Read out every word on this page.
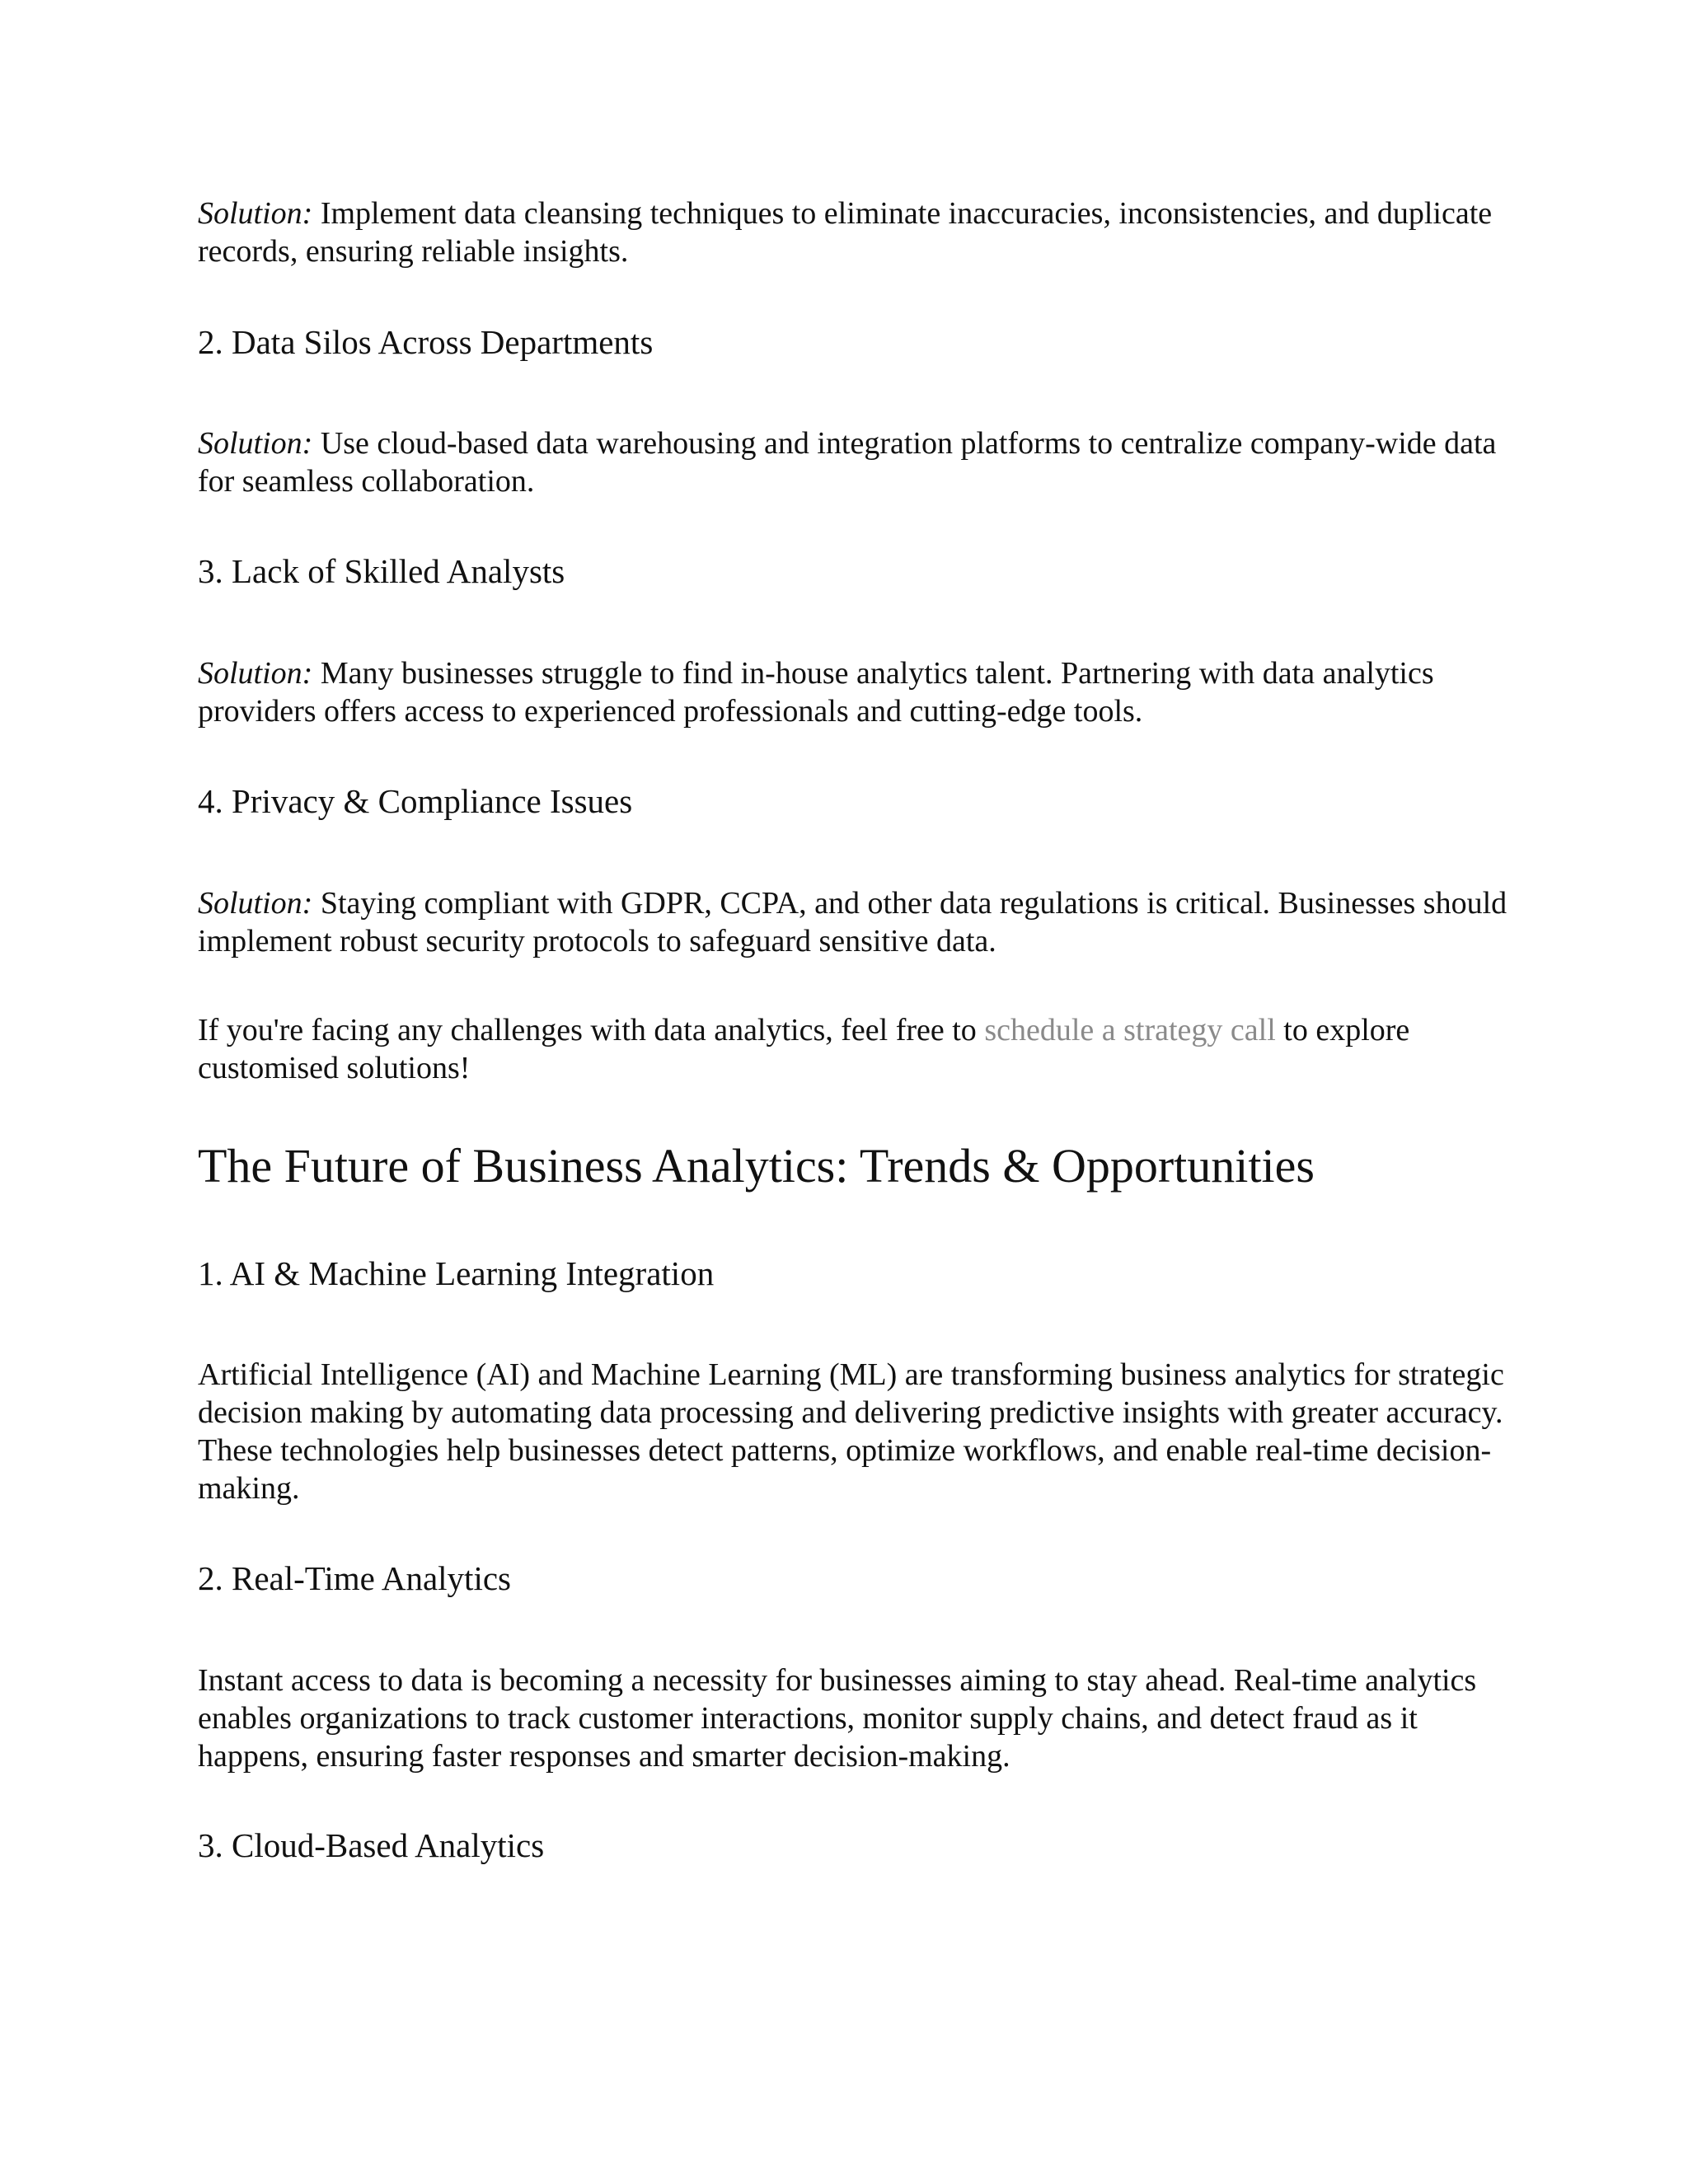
Solution: Implement data cleansing techniques to eliminate inaccuracies, inconsistencies, and duplicate records, ensuring reliable insights.

2. Data Silos Across Departments

Solution: Use cloud-based data warehousing and integration platforms to centralize company-wide data for seamless collaboration.

3. Lack of Skilled Analysts

Solution: Many businesses struggle to find in-house analytics talent. Partnering with data analytics providers offers access to experienced professionals and cutting-edge tools.

4. Privacy & Compliance Issues

Solution: Staying compliant with GDPR, CCPA, and other data regulations is critical. Businesses should implement robust security protocols to safeguard sensitive data.

If you're facing any challenges with data analytics, feel free to schedule a strategy call to explore customised solutions!

The Future of Business Analytics: Trends & Opportunities
1. AI & Machine Learning Integration

Artificial Intelligence (AI) and Machine Learning (ML) are transforming business analytics for strategic decision making by automating data processing and delivering predictive insights with greater accuracy. These technologies help businesses detect patterns, optimize workflows, and enable real-time decision-making.

2. Real-Time Analytics

Instant access to data is becoming a necessity for businesses aiming to stay ahead. Real-time analytics enables organizations to track customer interactions, monitor supply chains, and detect fraud as it happens, ensuring faster responses and smarter decision-making.

3. Cloud-Based Analytics
